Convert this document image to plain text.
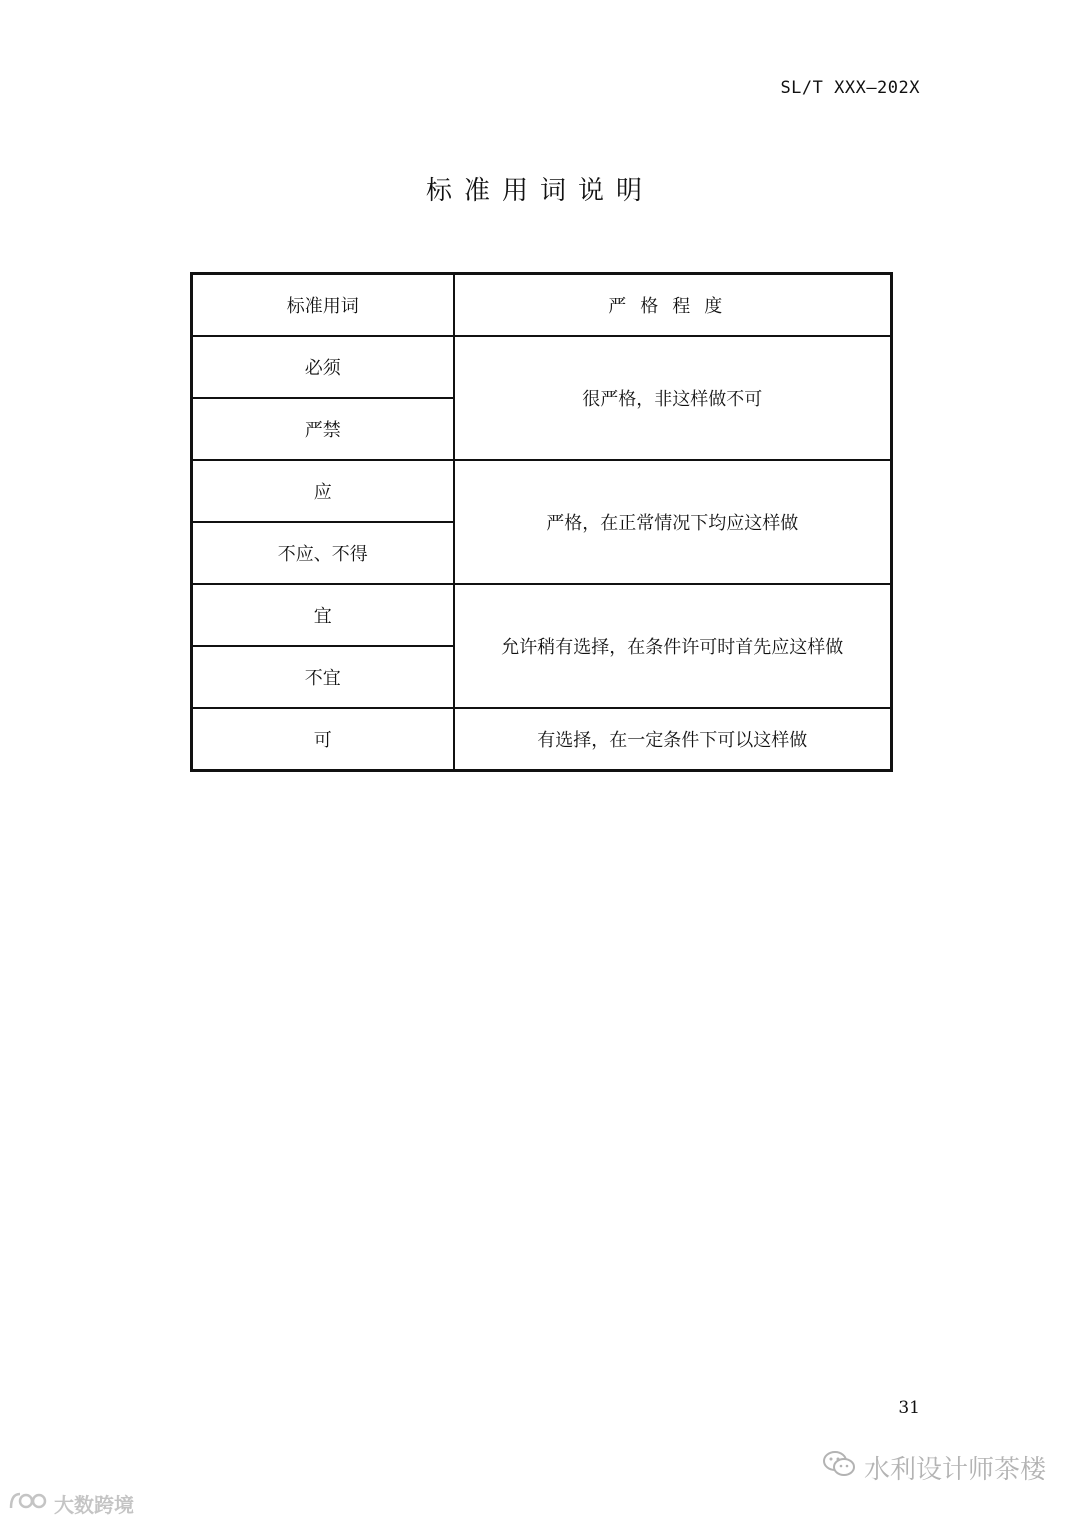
SL/T XXX—202X
标准用词说明
标准用词	严格程度
必须	很严格，非这样做不可
严禁	
应	严格，在正常情况下均应这样做
不应、不得	
宜	允许稍有选择，在条件许可时首先应这样做
不宜	
可	有选择，在一定条件下可以这样做
31
水利设计师茶楼
大数跨境
